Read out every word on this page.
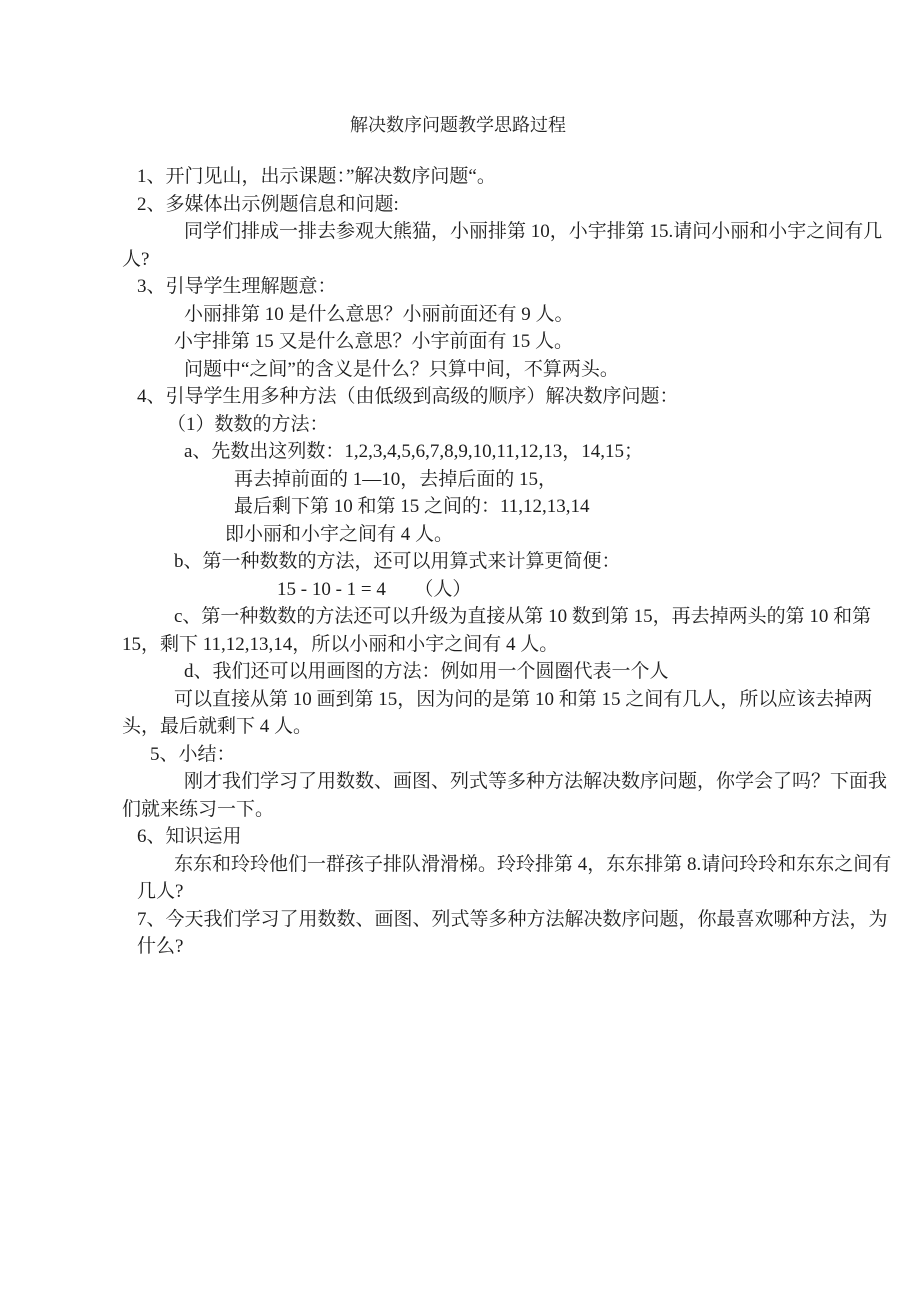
解决数序问题教学思路过程
1、开门见山，出示课题：”解决数序问题“。
2、多媒体出示例题信息和问题:
同学们排成一排去参观大熊猫，小丽排第 10，小宇排第 15.请问小丽和小宇之间有几
人?
3、引导学生理解题意：
小丽排第 10 是什么意思？小丽前面还有 9 人。
小宇排第 15 又是什么意思？小宇前面有 15 人。
问题中“之间”的含义是什么？只算中间，不算两头。
4、引导学生用多种方法（由低级到高级的顺序）解决数序问题：
（1）数数的方法：
a、先数出这列数：1,2,3,4,5,6,7,8,9,10,11,12,13，14,15；
再去掉前面的 1—10，去掉后面的 15，
最后剩下第 10 和第 15 之间的：11,12,13,14
即小丽和小宇之间有 4 人。
b、第一种数数的方法，还可以用算式来计算更简便：
15 - 10 - 1 = 4      （人）
c、第一种数数的方法还可以升级为直接从第 10 数到第 15，再去掉两头的第 10 和第
15，剩下 11,12,13,14，所以小丽和小宇之间有 4 人。
d、我们还可以用画图的方法：例如用一个圆圈代表一个人
可以直接从第 10 画到第 15，因为问的是第 10 和第 15 之间有几人，所以应该去掉两
头，最后就剩下 4 人。
5、小结：
刚才我们学习了用数数、画图、列式等多种方法解决数序问题，你学会了吗？下面我
们就来练习一下。
6、知识运用
东东和玲玲他们一群孩子排队滑滑梯。玲玲排第 4，东东排第 8.请问玲玲和东东之间有
几人?
7、今天我们学习了用数数、画图、列式等多种方法解决数序问题，你最喜欢哪种方法，为
什么?
